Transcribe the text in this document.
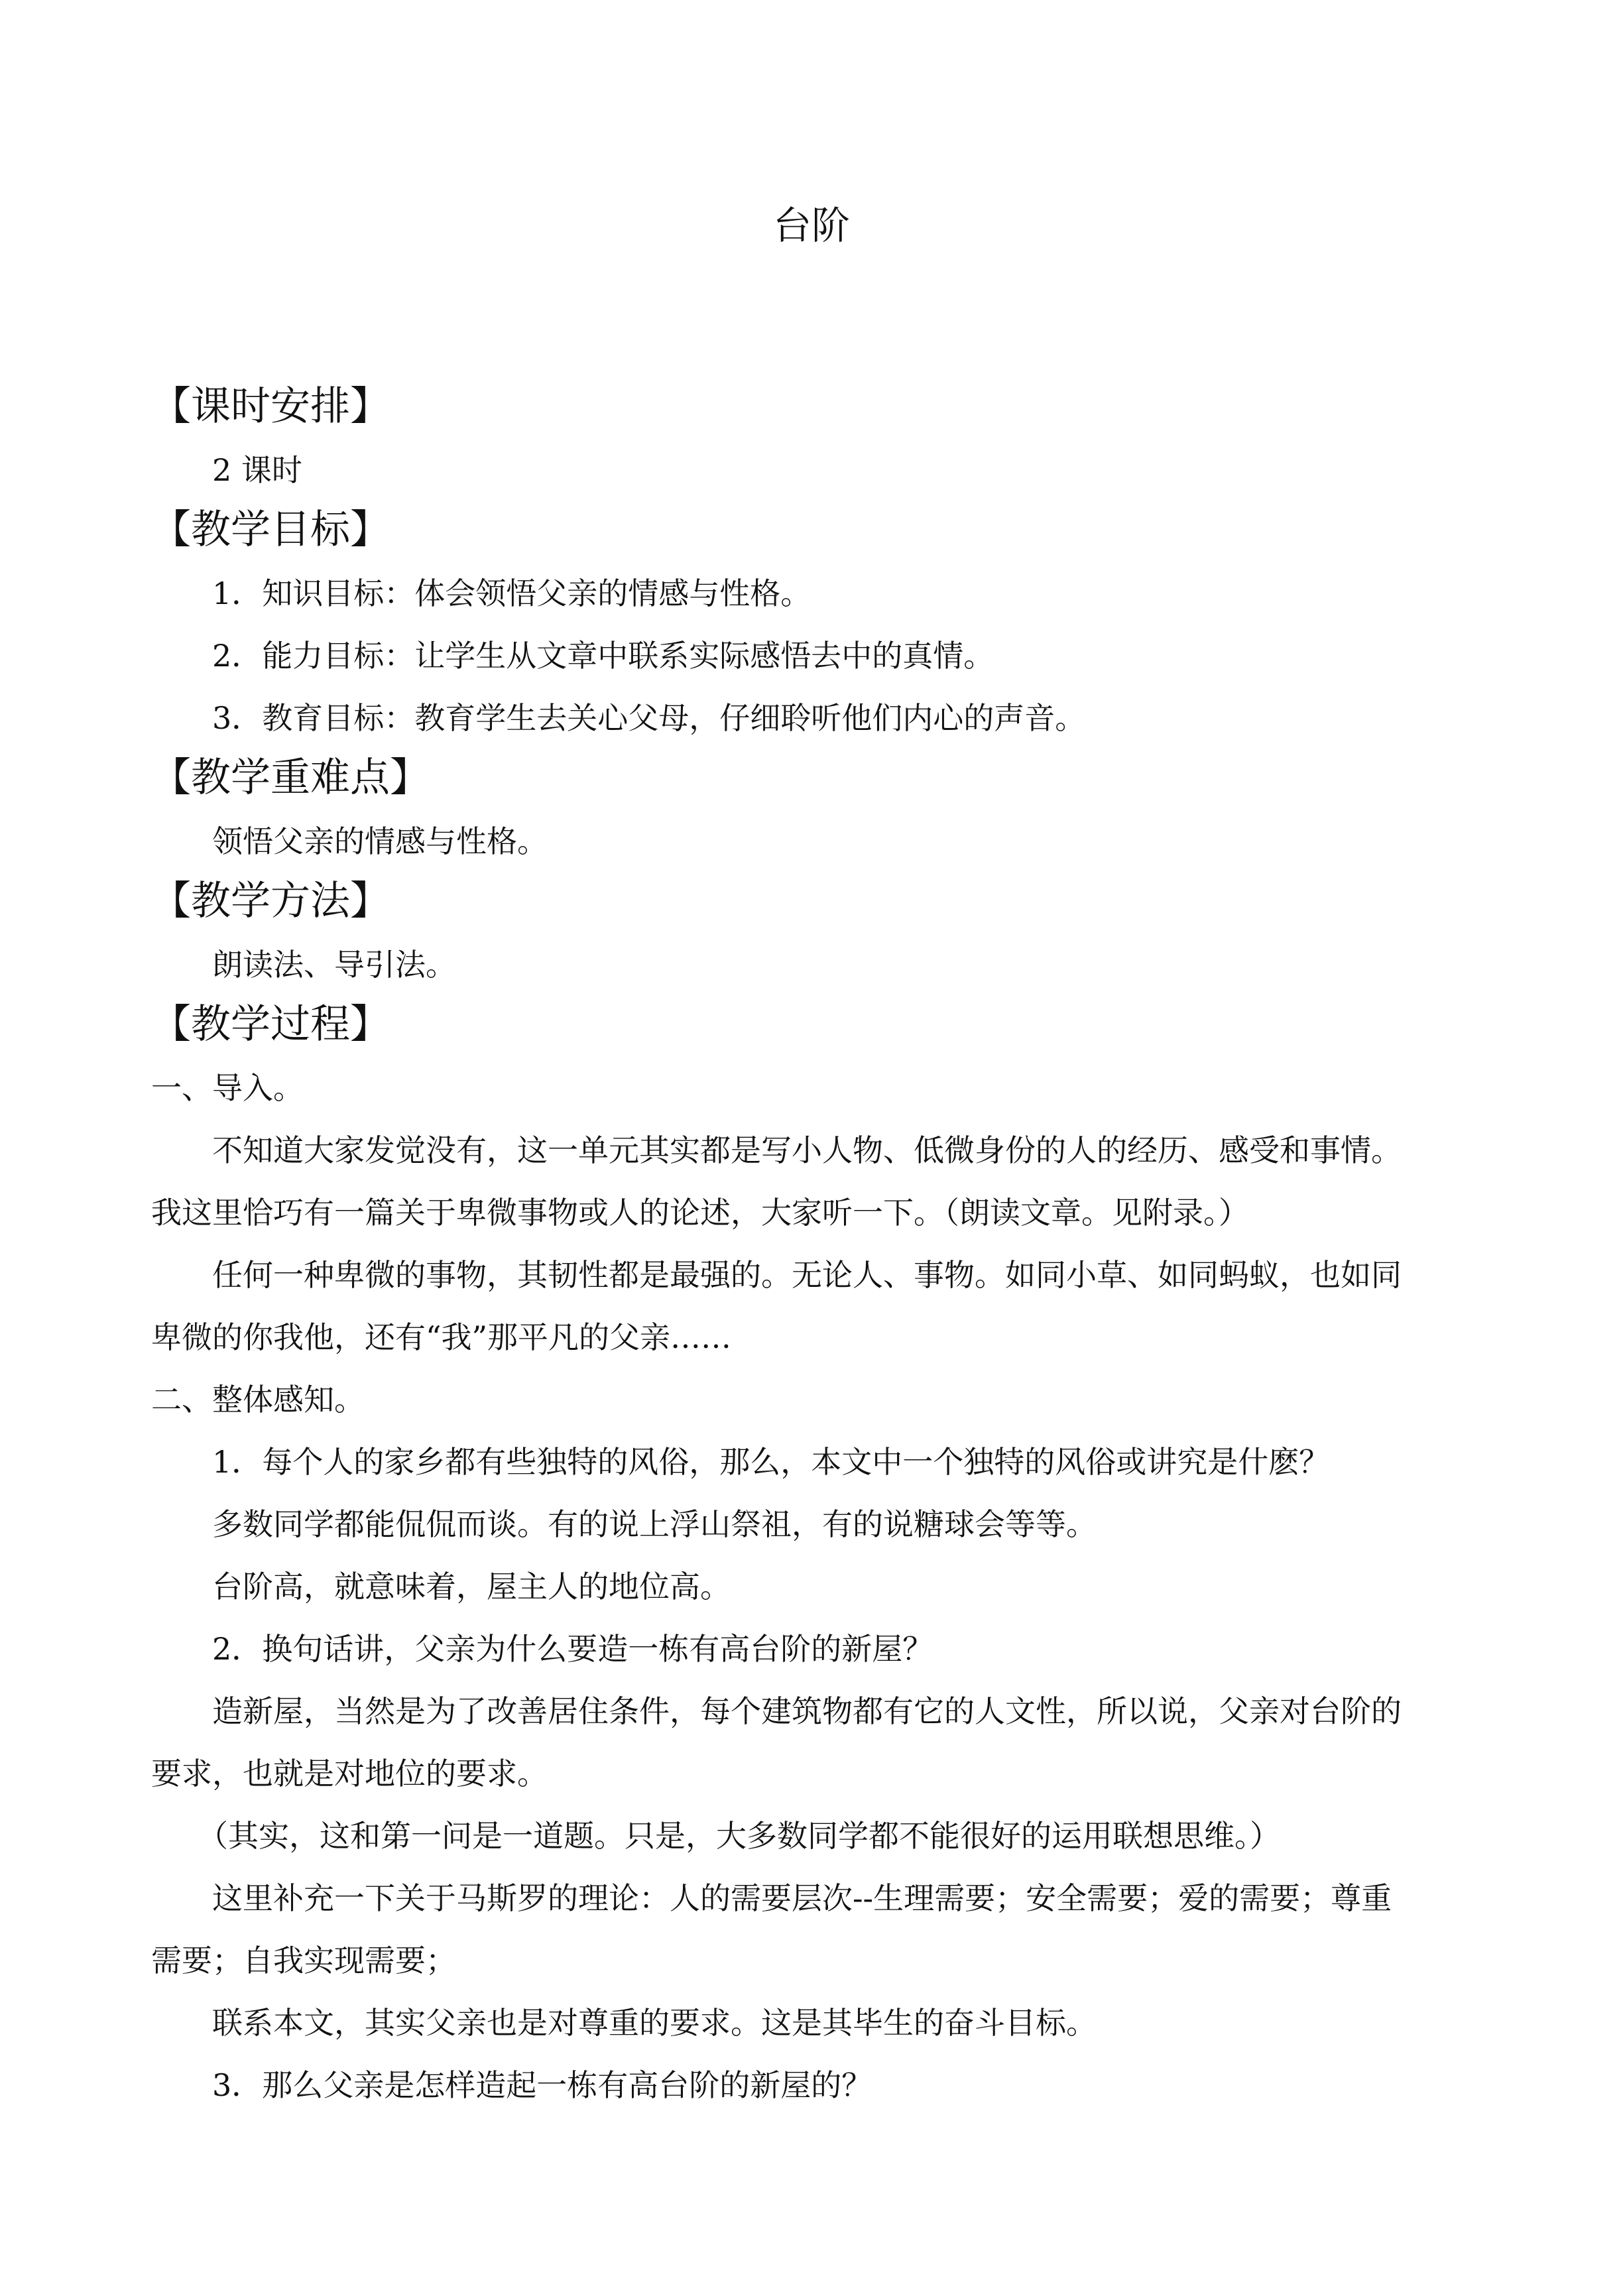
台阶
【课时安排】
2 课时
【教学目标】
1．知识目标：体会领悟父亲的情感与性格。
2．能力目标：让学生从文章中联系实际感悟去中的真情。
3．教育目标：教育学生去关心父母，仔细聆听他们内心的声音。
【教学重难点】
领悟父亲的情感与性格。
【教学方法】
朗读法、导引法。
【教学过程】
一、导入。
不知道大家发觉没有，这一单元其实都是写小人物、低微身份的人的经历、感受和事情。
我这里恰巧有一篇关于卑微事物或人的论述，大家听一下。（朗读文章。见附录。）
任何一种卑微的事物，其韧性都是最强的。无论人、事物。如同小草、如同蚂蚁，也如同
卑微的你我他，还有“我”那平凡的父亲……
二、整体感知。
1．每个人的家乡都有些独特的风俗，那么，本文中一个独特的风俗或讲究是什麽？
多数同学都能侃侃而谈。有的说上浮山祭祖，有的说糖球会等等。
台阶高，就意味着，屋主人的地位高。
2．换句话讲，父亲为什么要造一栋有高台阶的新屋？
造新屋，当然是为了改善居住条件，每个建筑物都有它的人文性，所以说，父亲对台阶的
要求，也就是对地位的要求。
（其实，这和第一问是一道题。只是，大多数同学都不能很好的运用联想思维。）
这里补充一下关于马斯罗的理论：人的需要层次--生理需要；安全需要；爱的需要；尊重
需要；自我实现需要；
联系本文，其实父亲也是对尊重的要求。这是其毕生的奋斗目标。
3．那么父亲是怎样造起一栋有高台阶的新屋的？
